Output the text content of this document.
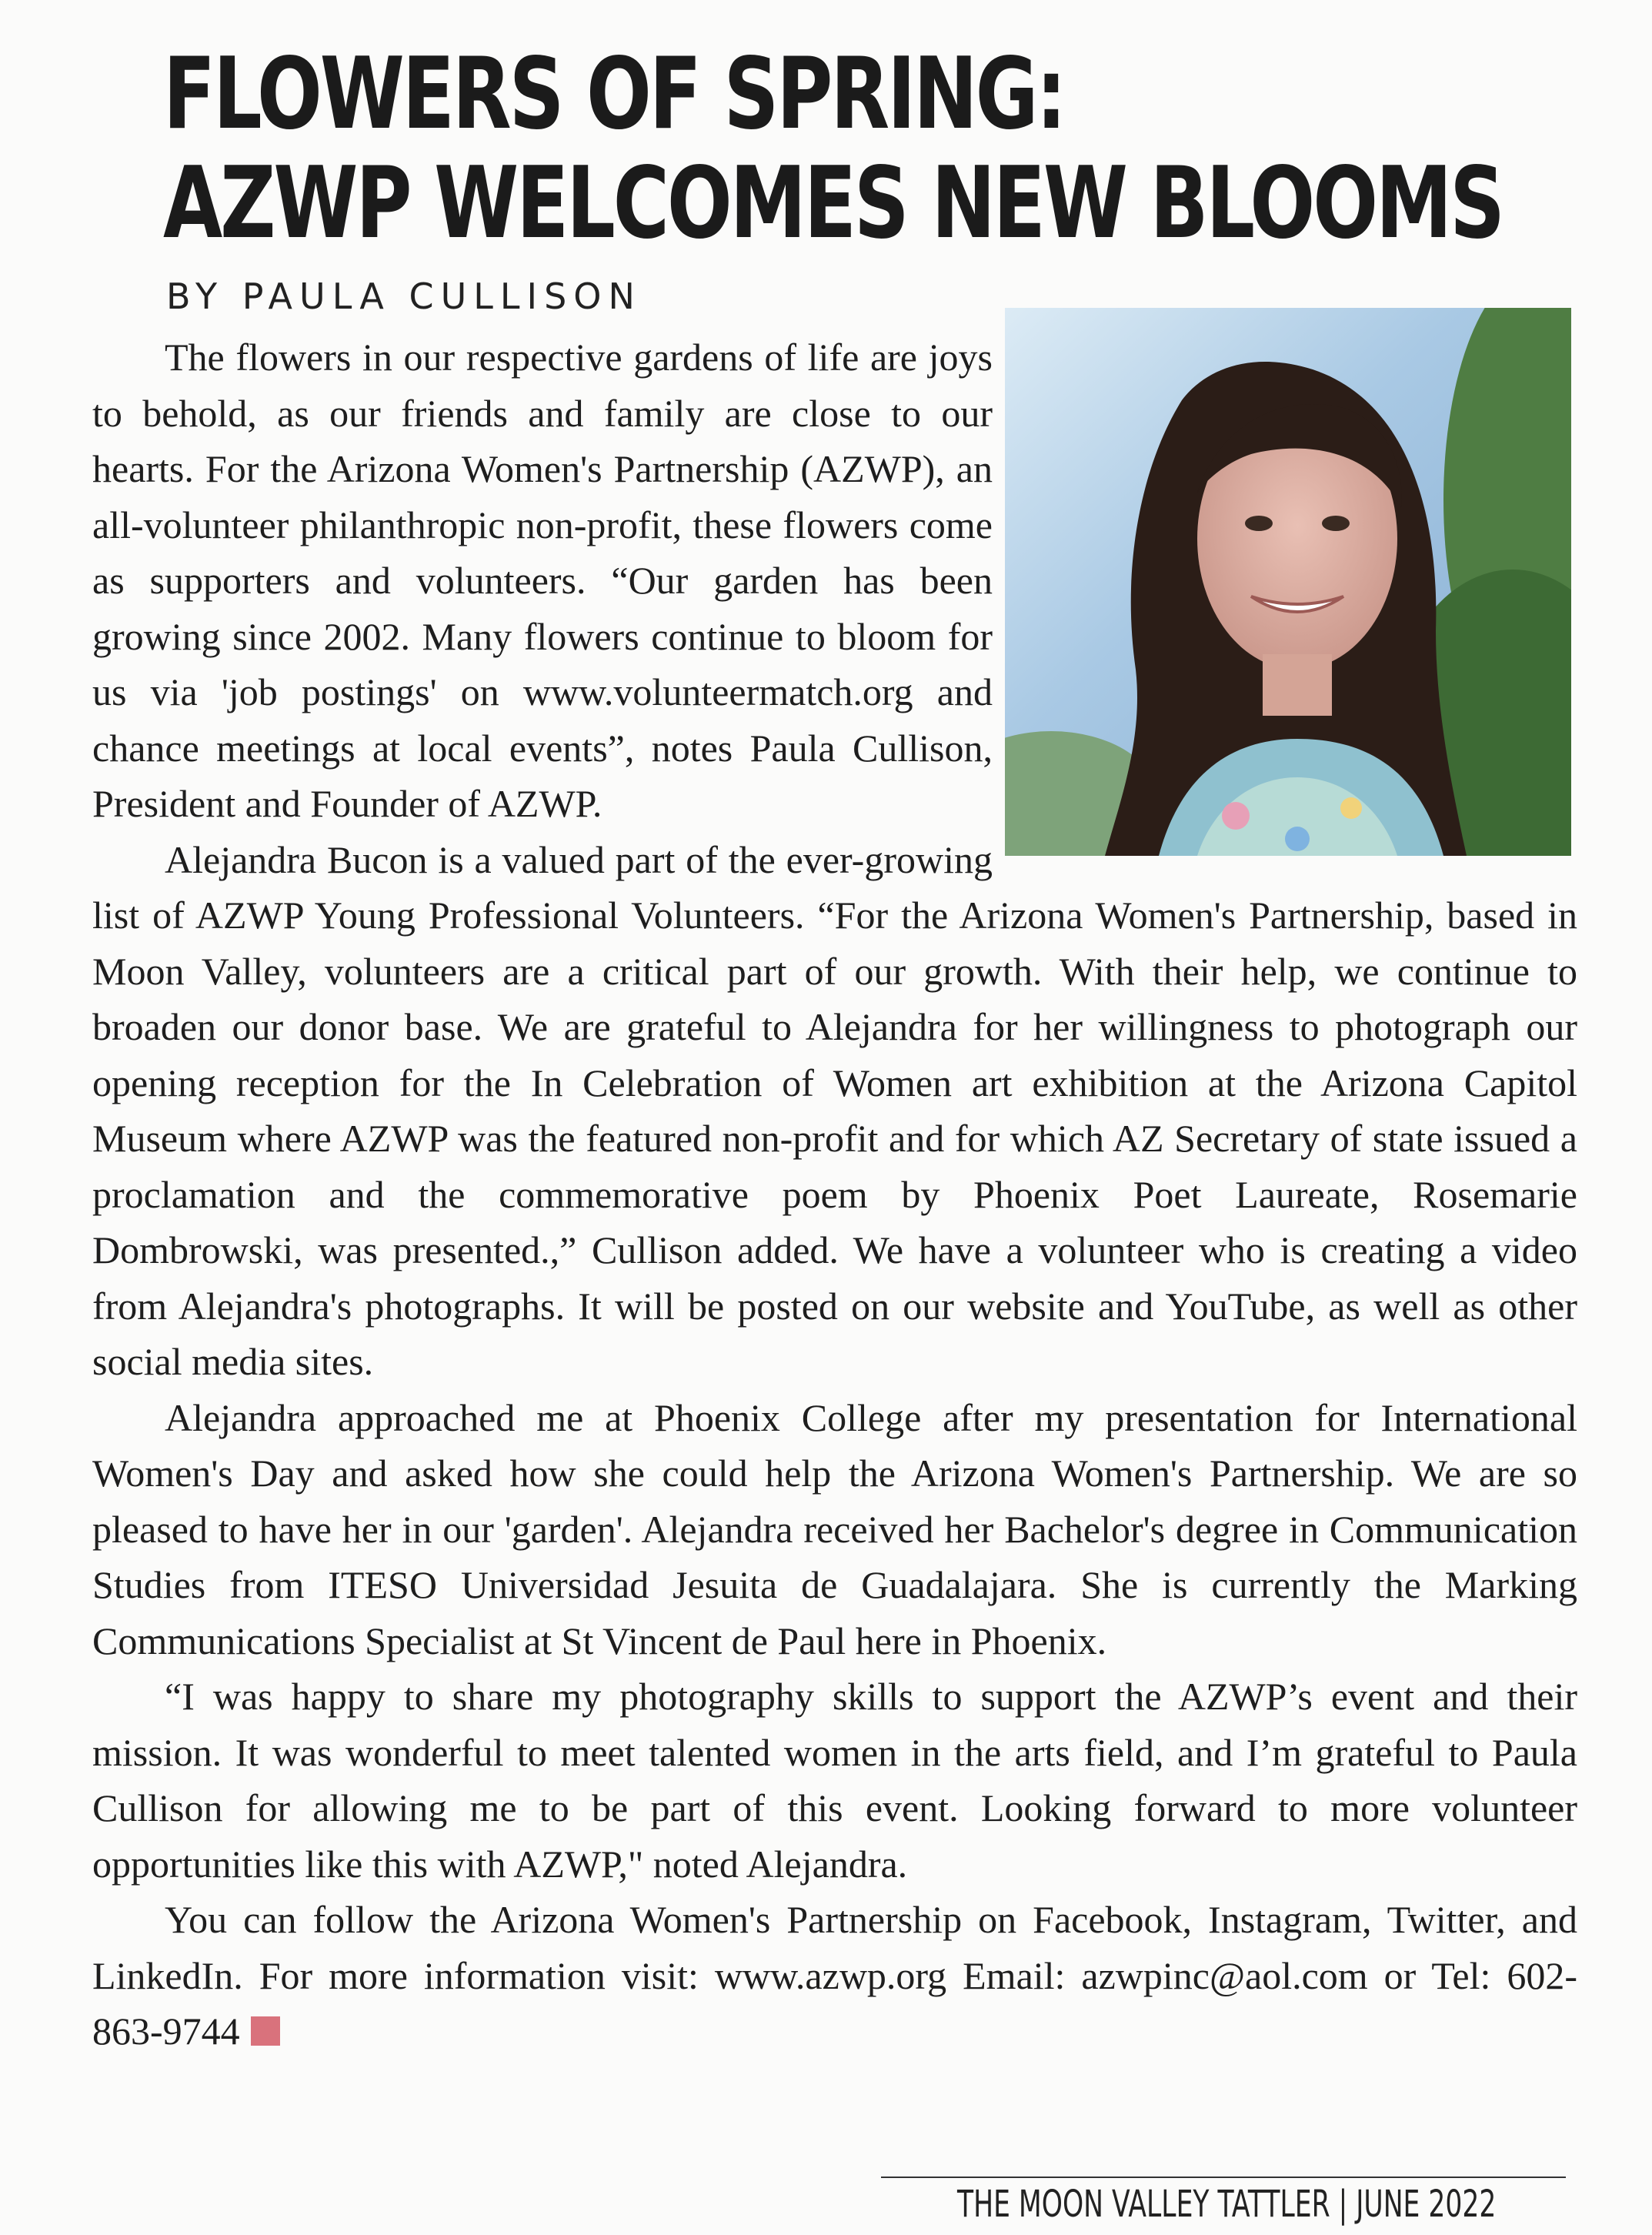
FLOWERS OF SPRING:
AZWP WELCOMES NEW BLOOMS
BY PAULA CULLISON

The flowers in our respective gardens of life are joys to behold, as our friends and family are close to our hearts. For the Arizona Women's Partnership (AZWP), an all-volunteer philanthropic non-profit, these flowers come as supporters and volunteers. “Our garden has been growing since 2002. Many flowers continue to bloom for us via 'job postings' on www.volunteermatch.org and chance meetings at local events”, notes Paula Cullison, President and Founder of AZWP.

Alejandra Bucon is a valued part of the ever-growing list of AZWP Young Professional Volunteers. “For the Arizona Women's Partnership, based in Moon Valley, volunteers are a critical part of our growth. With their help, we continue to broaden our donor base. We are grateful to Alejandra for her willingness to photograph our opening reception for the In Celebration of Women art exhibition at the Arizona Capitol Museum where AZWP was the featured non-profit and for which AZ Secretary of state issued a proclamation and the commemorative poem by Phoenix Poet Laureate, Rosemarie Dombrowski, was presented.,” Cullison added. We have a volunteer who is creating a video from Alejandra's photographs. It will be posted on our website and YouTube, as well as other social media sites.

Alejandra approached me at Phoenix College after my presentation for International Women's Day and asked how she could help the Arizona Women's Partnership. We are so pleased to have her in our 'garden'. Alejandra received her Bachelor's degree in Communication Studies from ITESO Universidad Jesuita de Guadalajara. She is currently the Marking Communications Specialist at St Vincent de Paul here in Phoenix.

“I was happy to share my photography skills to support the AZWP’s event and their mission. It was wonderful to meet talented women in the arts field, and I’m grateful to Paula Cullison for allowing me to be part of this event. Looking forward to more volunteer opportunities like this with AZWP," noted Alejandra.

You can follow the Arizona Women's Partnership on Facebook, Instagram, Twitter, and LinkedIn. For more information visit: www.azwp.org Email: azwpinc@aol.com or Tel: 602-863-9744

THE MOON VALLEY TATTLER | JUNE 2022
